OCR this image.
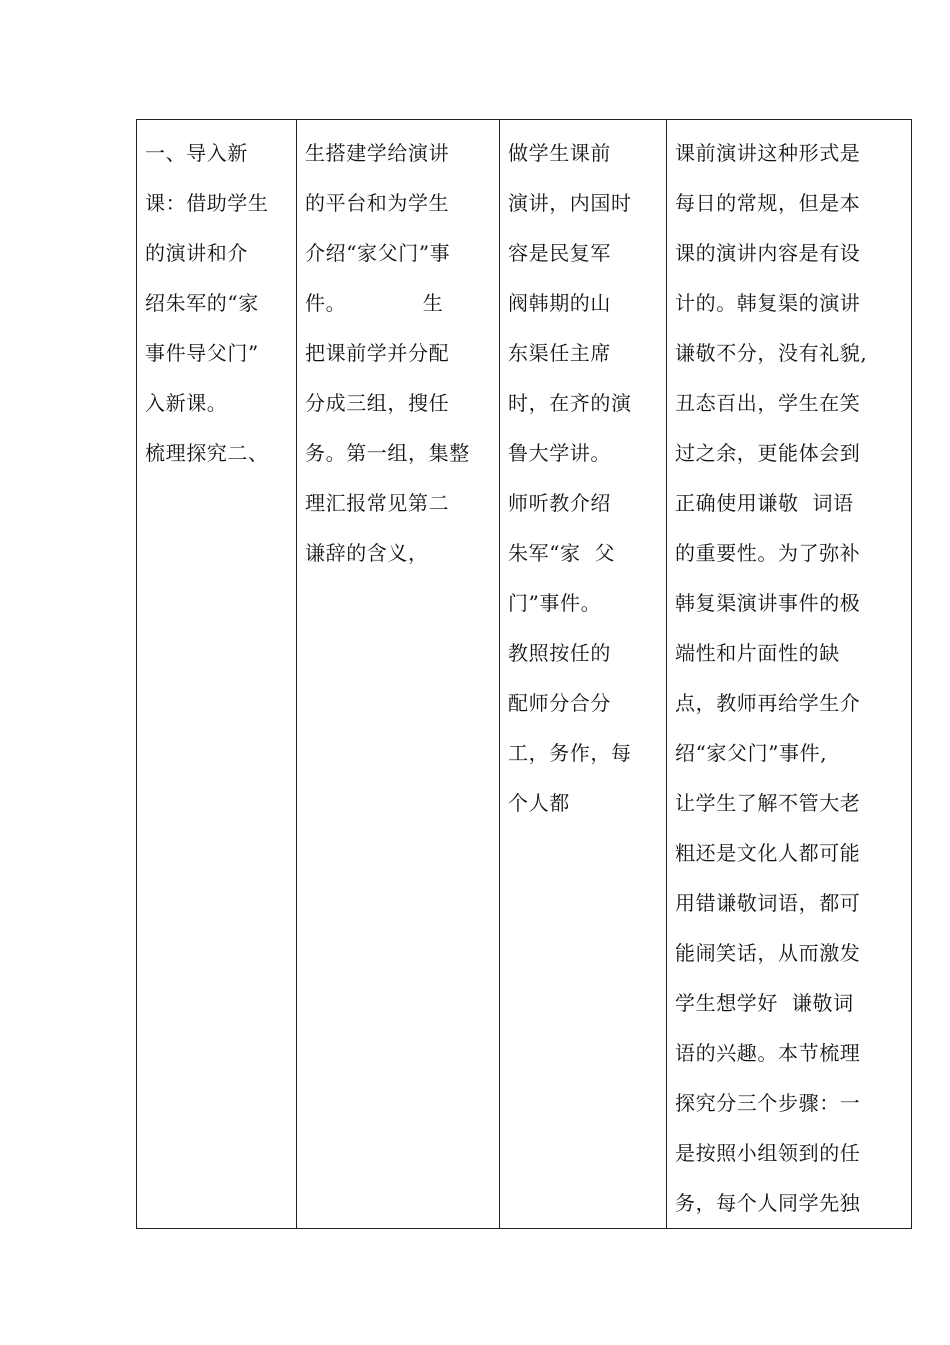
一、导入新
课：借助学生
的演讲和介
绍朱军的“家
事件导父门”
入新课。
梳理探究二、

生搭建学给演讲
的平台和为学生
介绍“家父门”事
件。           生
把课前学并分配
分成三组，搜任
务。第一组，集整
理汇报常见第二
谦辞的含义，

做学生课前
演讲，内国时
容是民复军
阀韩期的山
东渠任主席
时，在齐的演
鲁大学讲。
师听教介绍
朱军“家  父
门”事件。
教照按任的
配师分合分
工，务作，每
个人都

课前演讲这种形式是
每日的常规，但是本
课的演讲内容是有设
计的。韩复渠的演讲
谦敬不分，没有礼貌,
丑态百出，学生在笑
过之余，更能体会到
正确使用谦敬  词语
的重要性。为了弥补
韩复渠演讲事件的极
端性和片面性的缺
点，教师再给学生介
绍“家父门”事件,
让学生了解不管大老
粗还是文化人都可能
用错谦敬词语，都可
能闹笑话，从而激发
学生想学好  谦敬词
语的兴趣。本节梳理
探究分三个步骤：一
是按照小组领到的任
务，每个人同学先独
